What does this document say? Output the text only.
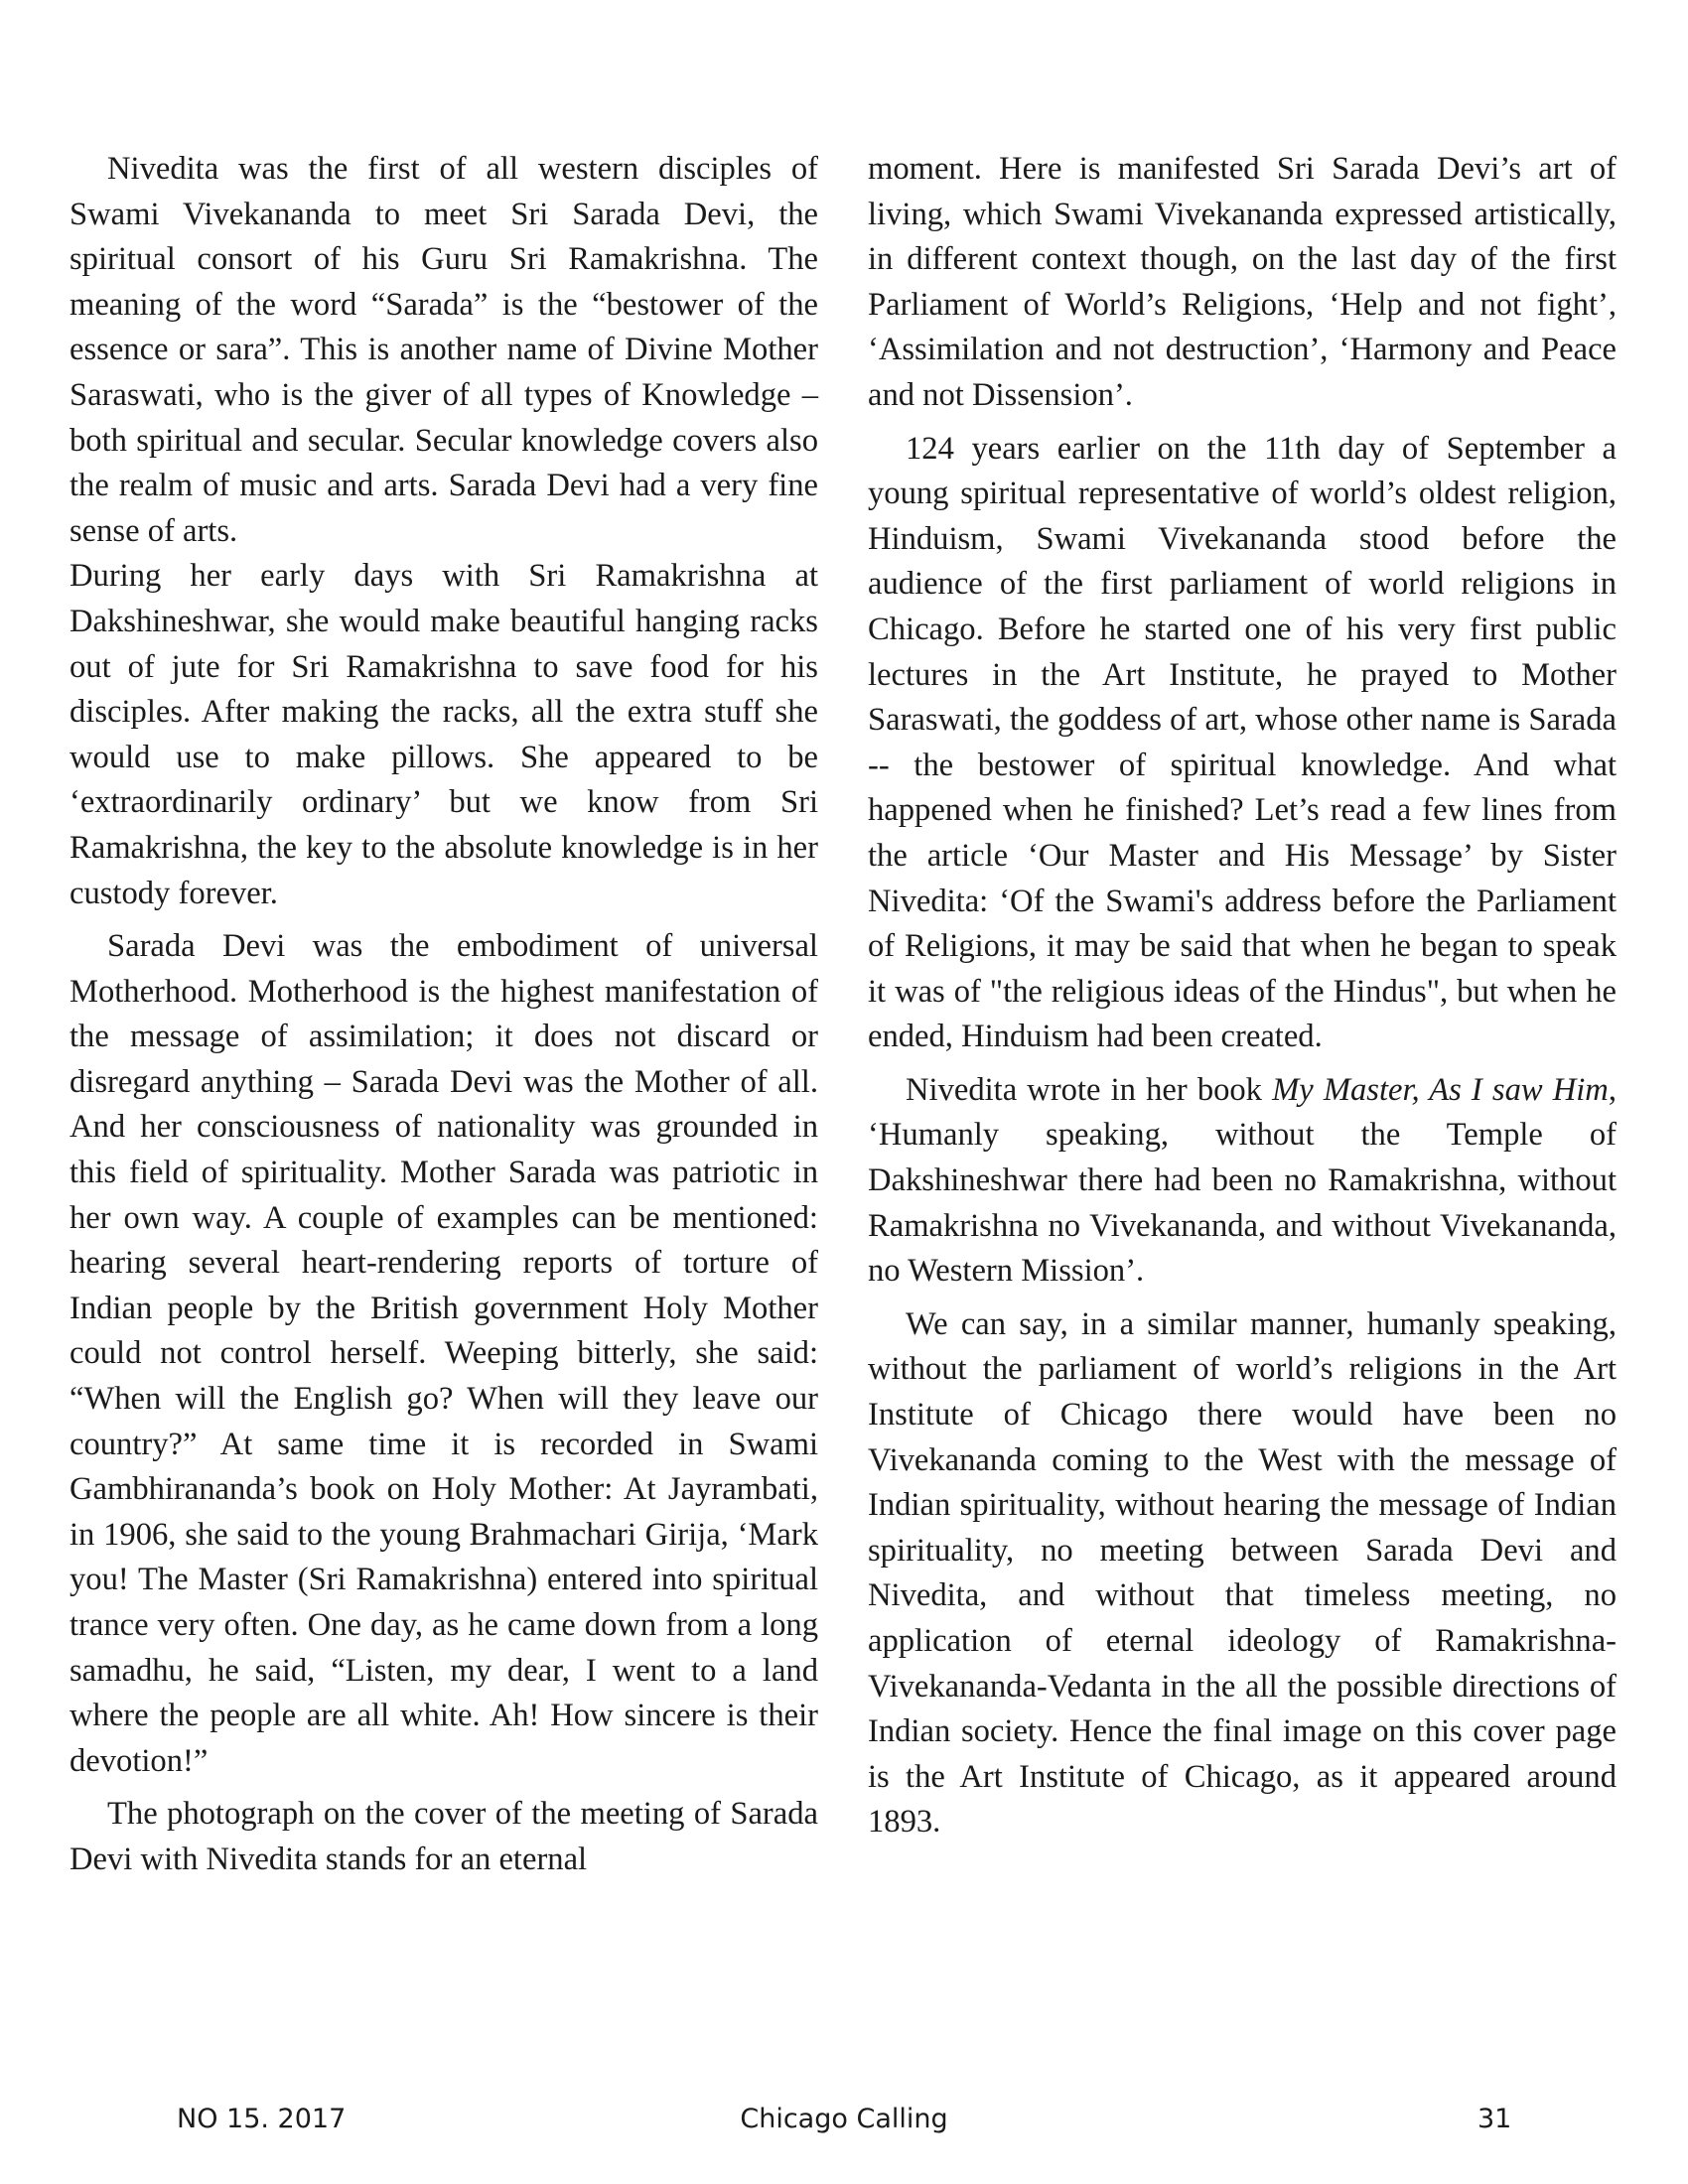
Nivedita was the first of all western disciples of Swami Vivekananda to meet Sri Sarada Devi, the spiritual consort of his Guru Sri Ramakrishna. The meaning of the word “Sarada” is the “bestower of the essence or sara”. This is another name of Divine Mother Saraswati, who is the giver of all types of Knowledge – both spiritual and secular. Secular knowledge covers also the realm of music and arts. Sarada Devi had a very fine sense of arts.

During her early days with Sri Ramakrishna at Dakshineshwar, she would make beautiful hanging racks out of jute for Sri Ramakrishna to save food for his disciples. After making the racks, all the extra stuff she would use to make pillows. She appeared to be ‘extraordinarily ordinary’ but we know from Sri Ramakrishna, the key to the absolute knowledge is in her custody forever.

Sarada Devi was the embodiment of universal Motherhood. Motherhood is the highest manifestation of the message of assimilation; it does not discard or disregard anything – Sarada Devi was the Mother of all. And her consciousness of nationality was grounded in this field of spirituality. Mother Sarada was patriotic in her own way. A couple of examples can be mentioned: hearing several heart-rendering reports of torture of Indian people by the British government Holy Mother could not control herself. Weeping bitterly, she said: “When will the English go? When will they leave our country?” At same time it is recorded in Swami Gambhirananda’s book on Holy Mother: At Jayrambati, in 1906, she said to the young Brahmachari Girija, ‘Mark you! The Master (Sri Ramakrishna) entered into spiritual trance very often. One day, as he came down from a long samadhu, he said, “Listen, my dear, I went to a land where the people are all white. Ah! How sincere is their devotion!”

The photograph on the cover of the meeting of Sarada Devi with Nivedita stands for an eternal

moment. Here is manifested Sri Sarada Devi’s art of living, which Swami Vivekananda expressed artistically, in different context though, on the last day of the first Parliament of World’s Religions, ‘Help and not fight’, ‘Assimilation and not destruction’, ‘Harmony and Peace and not Dissension’.

124 years earlier on the 11th day of September a young spiritual representative of world’s oldest religion, Hinduism, Swami Vivekananda stood before the audience of the first parliament of world religions in Chicago. Before he started one of his very first public lectures in the Art Institute, he prayed to Mother Saraswati, the goddess of art, whose other name is Sarada -- the bestower of spiritual knowledge. And what happened when he finished? Let’s read a few lines from the article ‘Our Master and His Message’ by Sister Nivedita: ‘Of the Swami's address before the Parliament of Religions, it may be said that when he began to speak it was of "the religious ideas of the Hindus", but when he ended, Hinduism had been created.

Nivedita wrote in her book My Master, As I saw Him, ‘Humanly speaking, without the Temple of Dakshineshwar there had been no Ramakrishna, without Ramakrishna no Vivekananda, and without Vivekananda, no Western Mission’.

We can say, in a similar manner, humanly speaking, without the parliament of world’s religions in the Art Institute of Chicago there would have been no Vivekananda coming to the West with the message of Indian spirituality, without hearing the message of Indian spirituality, no meeting between Sarada Devi and Nivedita, and without that timeless meeting, no application of eternal ideology of Ramakrishna-Vivekananda-Vedanta in the all the possible directions of Indian society. Hence the final image on this cover page is the Art Institute of Chicago, as it appeared around 1893.

NO 15. 2017	Chicago Calling	31
